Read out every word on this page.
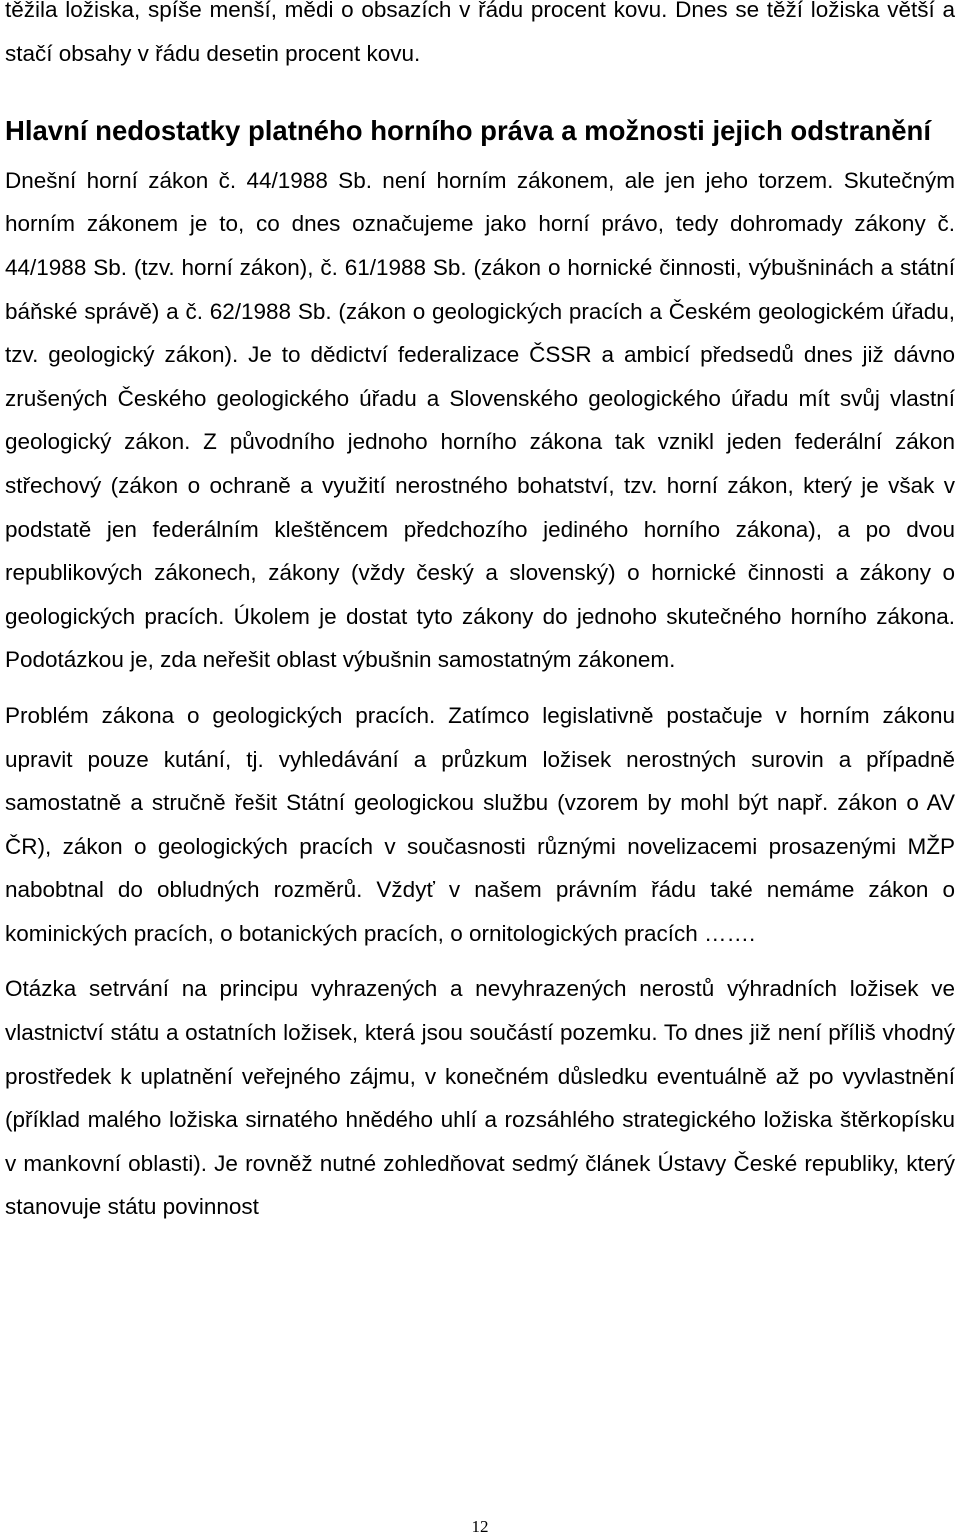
těžila ložiska, spíše menší, mědi o obsazích v řádu procent kovu. Dnes se těží ložiska větší a stačí obsahy v řádu desetin procent kovu.

Hlavní nedostatky platného horního práva a možnosti jejich odstranění

Dnešní horní zákon č. 44/1988 Sb. není horním zákonem, ale jen jeho torzem. Skutečným horním zákonem je to, co dnes označujeme jako horní právo, tedy dohromady zákony č. 44/1988 Sb. (tzv. horní zákon), č. 61/1988 Sb. (zákon o hornické činnosti, výbušninách a státní báňské správě) a č. 62/1988 Sb. (zákon o geologických pracích a Českém geologickém úřadu, tzv. geologický zákon). Je to dědictví federalizace ČSSR a ambicí předsedů dnes již dávno zrušených Českého geologického úřadu a Slovenského geologického úřadu mít svůj vlastní geologický zákon. Z původního jednoho horního zákona tak vznikl jeden federální zákon střechový (zákon o ochraně a využití nerostného bohatství, tzv. horní zákon, který je však v podstatě jen federálním kleštěncem předchozího jediného horního zákona), a po dvou republikových zákonech, zákony (vždy český a slovenský) o hornické činnosti a zákony o geologických pracích. Úkolem je dostat tyto zákony do jednoho skutečného horního zákona. Podotázkou je, zda neřešit oblast výbušnin samostatným zákonem.

Problém zákona o geologických pracích. Zatímco legislativně postačuje v horním zákonu upravit pouze kutání, tj. vyhledávání a průzkum ložisek nerostných surovin a případně samostatně a stručně řešit Státní geologickou službu (vzorem by mohl být např. zákon o AV ČR), zákon o geologických pracích v současnosti různými novelizacemi prosazenými MŽP nabobtnal do obludných rozměrů. Vždyť v našem právním řádu také nemáme zákon o kominických pracích, o botanických pracích, o ornitologických pracích …….

Otázka setrvání na principu vyhrazených a nevyhrazených nerostů výhradních ložisek ve vlastnictví státu a ostatních ložisek, která jsou součástí pozemku. To dnes již není příliš vhodný prostředek k uplatnění veřejného zájmu, v konečném důsledku eventuálně až po vyvlastnění (příklad malého ložiska sirnatého hnědého uhlí a rozsáhlého strategického ložiska štěrkopísku v mankovní oblasti). Je rovněž nutné zohledňovat sedmý článek Ústavy České republiky, který stanovuje státu povinnost

12
